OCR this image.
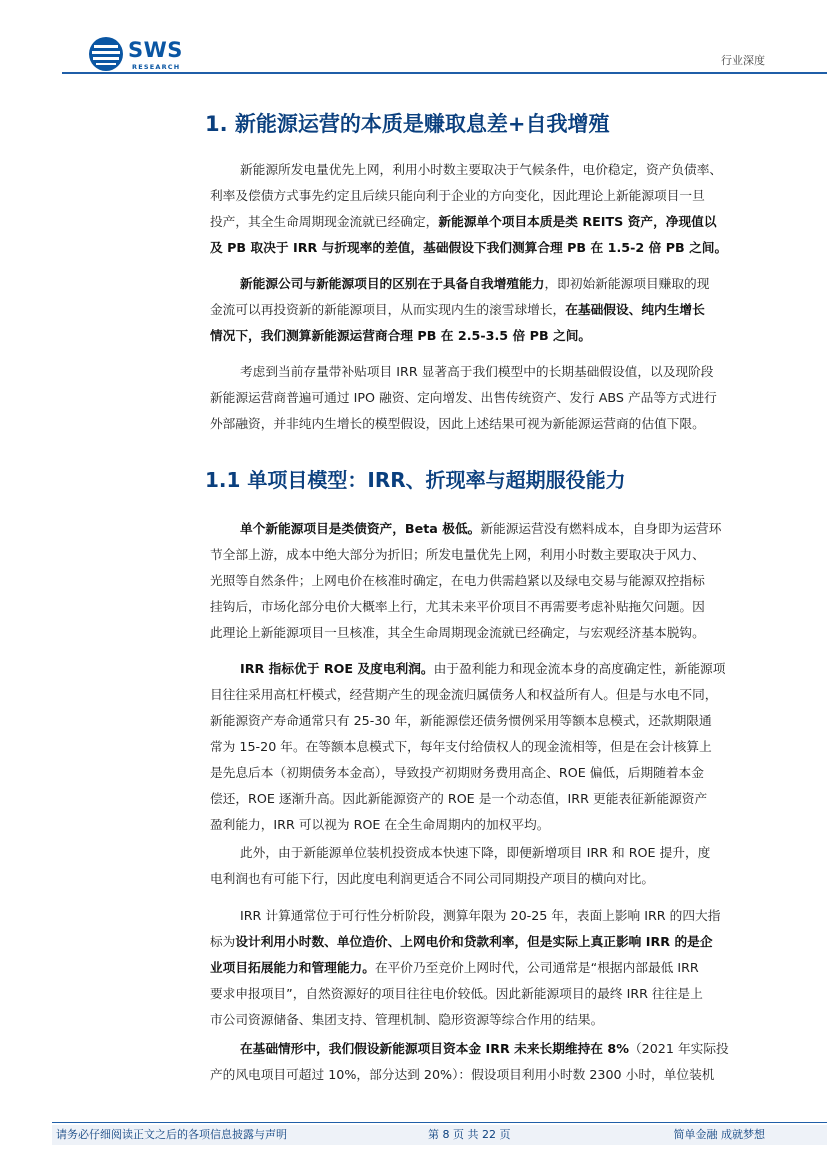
SWS
RESEARCH	行业深度
1. 新能源运营的本质是赚取息差+自我增殖
新能源所发电量优先上网，利用小时数主要取决于气候条件，电价稳定，资产负债率、
利率及偿债方式事先约定且后续只能向利于企业的方向变化，因此理论上新能源项目一旦
投产，其全生命周期现金流就已经确定，新能源单个项目本质是类 REITS 资产，净现值以
及 PB 取决于 IRR 与折现率的差值，基础假设下我们测算合理 PB 在 1.5-2 倍 PB 之间。
新能源公司与新能源项目的区别在于具备自我增殖能力，即初始新能源项目赚取的现
金流可以再投资新的新能源项目，从而实现内生的滚雪球增长，在基础假设、纯内生增长
情况下，我们测算新能源运营商合理 PB 在 2.5-3.5 倍 PB 之间。
考虑到当前存量带补贴项目 IRR 显著高于我们模型中的长期基础假设值，以及现阶段
新能源运营商普遍可通过 IPO 融资、定向增发、出售传统资产、发行 ABS 产品等方式进行
外部融资，并非纯内生增长的模型假设，因此上述结果可视为新能源运营商的估值下限。
1.1 单项目模型：IRR、折现率与超期服役能力
单个新能源项目是类债资产，Beta 极低。新能源运营没有燃料成本，自身即为运营环
节全部上游，成本中绝大部分为折旧；所发电量优先上网，利用小时数主要取决于风力、
光照等自然条件；上网电价在核准时确定，在电力供需趋紧以及绿电交易与能源双控指标
挂钩后，市场化部分电价大概率上行，尤其未来平价项目不再需要考虑补贴拖欠问题。因
此理论上新能源项目一旦核准，其全生命周期现金流就已经确定，与宏观经济基本脱钩。
IRR 指标优于 ROE 及度电利润。由于盈利能力和现金流本身的高度确定性，新能源项
目往往采用高杠杆模式，经营期产生的现金流归属债务人和权益所有人。但是与水电不同，
新能源资产寿命通常只有 25-30 年，新能源偿还债务惯例采用等额本息模式，还款期限通
常为 15-20 年。在等额本息模式下，每年支付给债权人的现金流相等，但是在会计核算上
是先息后本（初期债务本金高），导致投产初期财务费用高企、ROE 偏低，后期随着本金
偿还，ROE 逐渐升高。因此新能源资产的 ROE 是一个动态值，IRR 更能表征新能源资产
盈利能力，IRR 可以视为 ROE 在全生命周期内的加权平均。
此外，由于新能源单位装机投资成本快速下降，即便新增项目 IRR 和 ROE 提升，度
电利润也有可能下行，因此度电利润更适合不同公司同期投产项目的横向对比。
IRR 计算通常位于可行性分析阶段，测算年限为 20-25 年，表面上影响 IRR 的四大指
标为设计利用小时数、单位造价、上网电价和贷款利率，但是实际上真正影响 IRR 的是企
业项目拓展能力和管理能力。在平价乃至竞价上网时代，公司通常是“根据内部最低 IRR
要求申报项目”，自然资源好的项目往往电价较低。因此新能源项目的最终 IRR 往往是上
市公司资源储备、集团支持、管理机制、隐形资源等综合作用的结果。
在基础情形中，我们假设新能源项目资本金 IRR 未来长期维持在 8%（2021 年实际投
产的风电项目可超过 10%，部分达到 20%）：假设项目利用小时数 2300 小时，单位装机
请务必仔细阅读正文之后的各项信息披露与声明	第 8 页 共 22 页	简单金融 成就梦想
